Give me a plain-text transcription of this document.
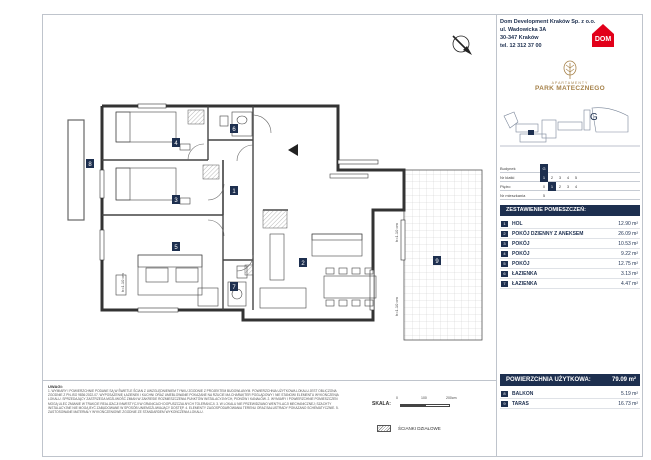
h=1.10 cm
h=1.10 cm
h=1.10 cm
1
2
3
4
5
6
7
8
9
UWAGI:
1. WYMIARY I POWIERZCHNIE PODANE SĄ W ŚWIETLE ŚCIAN Z UWZGLĘDNIENIEM TYNKU ZGODNIE Z PROJEKTEM BUDOWLANYM. POWIERZCHNIA UŻYTKOWA LOKALU JEST OBLICZONA ZGODNIE Z PN-ISO 9836:2022-07. WYPOSAŻENIE ŁAZIENEK I KUCHNI ORAZ UMEBLOWANIE POKAZANE NA RZUCIE MA CHARAKTER POGLĄDOWY I NIE STANOWI ELEMENTU WYKOŃCZENIA LOKALU. SPRZEDAJĄCY ZASTRZEGA MOŻLIWOŚĆ ZMIAN W ZAKRESIE ROZMIESZCZENIA PUNKTÓW INSTALACYJNYCH, PIONÓW I KANAŁÓW. 2. WYMIARY I POWIERZCHNIE POMIESZCZEŃ MOGĄ ULEC ZMIANIE W TRAKCIE REALIZACJI INWESTYCJI W GRANICACH DOPUSZCZALNYCH TOLERANCJI. 3. W LOKALU NIE PRZEWIDZIANO WENTYLACJI MECHANICZNEJ; SZACHTY INSTALACYJNE NIE MOGĄ BYĆ ZABUDOWANE W SPOSÓB UNIEMOŻLIWIAJĄCY DOSTĘP. 4. ELEMENTY ZAGOSPODAROWANIA TERENU ORAZ BALUSTRADY POKAZANO SCHEMATYCZNIE. 5. ZASTOSOWANE MATERIAŁY WYKOŃCZENIOWE ZGODNIE ZE STANDARDEM WYKOŃCZENIA LOKALU.
SKALA:
0	100	200cm
ŚCIANKI DZIAŁOWE
Dom Development Kraków Sp. z o.o.
ul. Wadowicka 3A
30-347 Kraków
tel. 12 312 37 00
DOM
APARTAMENTY
PARK MATECZNEGO
G
Budynek	G
Nr klatki	1	2	3	4	5
Piętro	0	1	2	3	4
Nr mieszkania	5
ZESTAWIENIE POMIESZCZEŃ:
1	HOL	12.90 m²
2	POKÓJ DZIENNY Z ANEKSEM	26.09 m²
3	POKÓJ	10.53 m²
4	POKÓJ	9.22 m²
5	POKÓJ	12.75 m²
6	ŁAZIENKA	3.13 m²
7	ŁAZIENKA	4.47 m²
POWIERZCHNIA UŻYTKOWA:	79.09 m²
8	BALKON	5.19 m²
9	TARAS	16.73 m²
